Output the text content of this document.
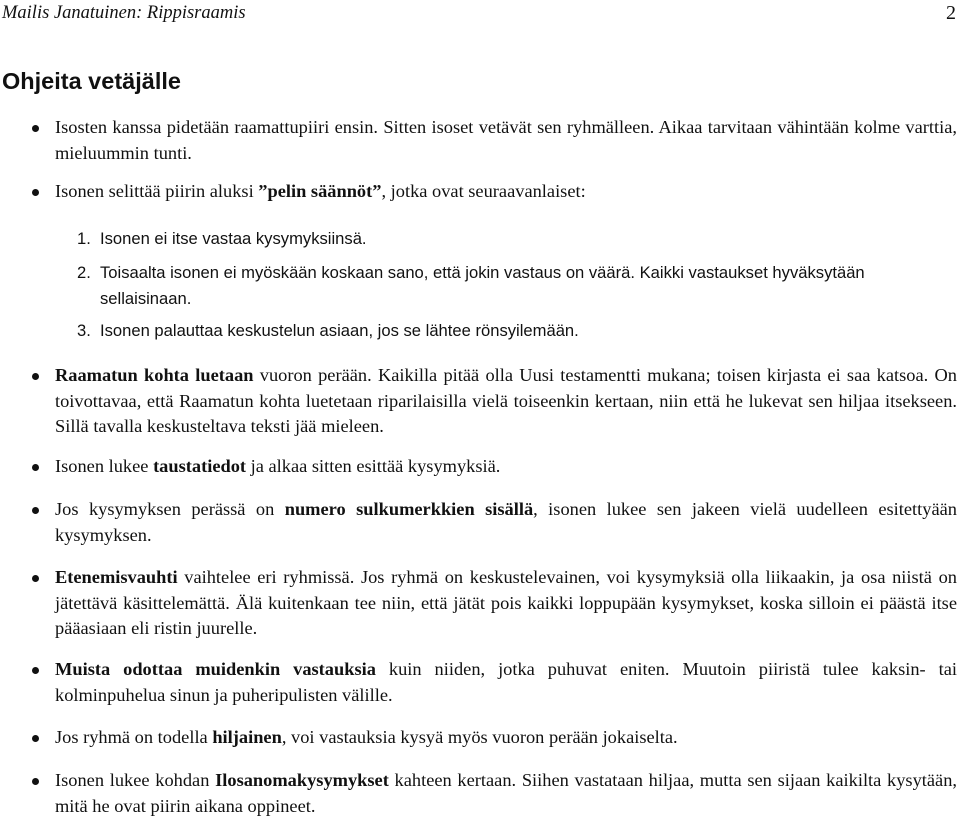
Mailis Janatuinen: Rippisraamis	2
Ohjeita vetäjälle
Isosten kanssa pidetään raamattupiiri ensin. Sitten isoset vetävät sen ryhmälleen. Aikaa tarvitaan vähintään kolme varttia, mieluummin tunti.
Isonen selittää piirin aluksi ”pelin säännöt”, jotka ovat seuraavanlaiset:
1. Isonen ei itse vastaa kysymyksiinsä.
2. Toisaalta isonen ei myöskään koskaan sano, että jokin vastaus on väärä. Kaikki vastaukset hyväksytään sellaisinaan.
3. Isonen palauttaa keskustelun asiaan, jos se lähtee rönsyilemään.
Raamatun kohta luetaan vuoron perään. Kaikilla pitää olla Uusi testamentti mukana; toisen kirjasta ei saa katsoa. On toivottavaa, että Raamatun kohta luetetaan riparilaisilla vielä toiseenkin kertaan, niin että he lukevat sen hiljaa itsekseen. Sillä tavalla keskusteltava teksti jää mieleen.
Isonen lukee taustatiedot ja alkaa sitten esittää kysymyksiä.
Jos kysymyksen perässä on numero sulkumerkkien sisällä, isonen lukee sen jakeen vielä uudelleen esitettyään kysymyksen.
Etenemisvauhti vaihtelee eri ryhmissä. Jos ryhmä on keskustelevainen, voi kysymyksiä olla liikaakin, ja osa niistä on jätettävä käsittelemättä. Älä kuitenkaan tee niin, että jätät pois kaikki loppupään kysymykset, koska silloin ei päästä itse pääasiaan eli ristin juurelle.
Muista odottaa muidenkin vastauksia kuin niiden, jotka puhuvat eniten. Muutoin piiristä tulee kaksin- tai kolminpuhelua sinun ja puheripulisten välille.
Jos ryhmä on todella hiljainen, voi vastauksia kysyä myös vuoron perään jokaiselta.
Isonen lukee kohdan Ilosanomakysymykset kahteen kertaan. Siihen vastataan hiljaa, mutta sen sijaan kaikilta kysytään, mitä he ovat piirin aikana oppineet.
